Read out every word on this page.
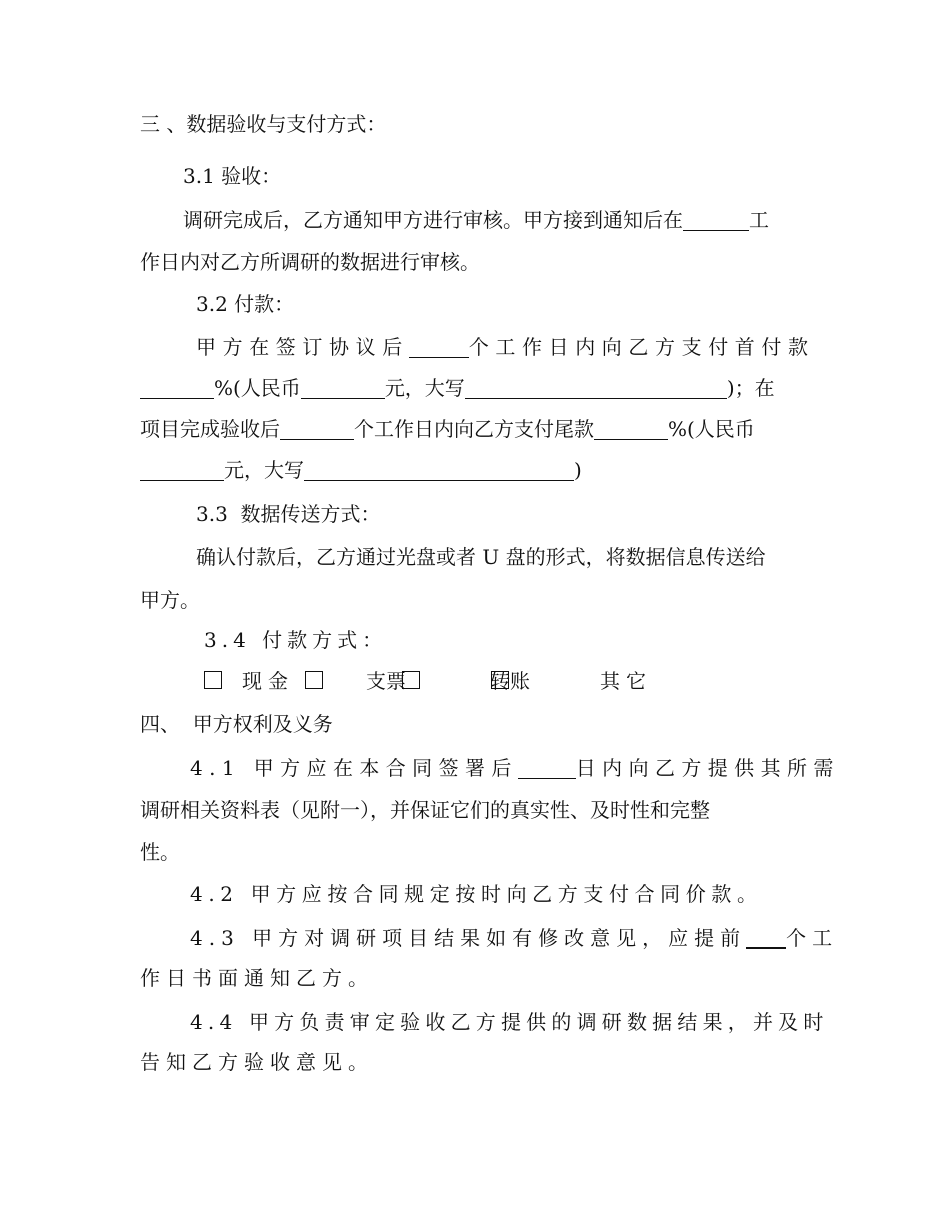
三 、数据验收与支付方式：
3.1 验收：
调研完成后，乙方通知甲方进行审核。甲方接到通知后在	工
作日内对乙方所调研的数据进行审核。
3.2 付款：
甲方在签订协议后	个工作日内向乙方支付首付款
%(人民币	元，大写	)；在
项目完成验收后	个工作日内向乙方支付尾款	%(人民币
元，大写	)
3.3  数据传送方式：
确认付款后，乙方通过光盘或者 U 盘的形式，将数据信息传送给
甲方。
3.4 付款方式：
现金	支票	转账	其它
四、  甲方权利及义务
4.1 甲方应在本合同签署后	日内向乙方提供其所需
调研相关资料表（见附一），并保证它们的真实性、及时性和完整
性。
4.2 甲方应按合同规定按时向乙方支付合同价款。
4.3 甲方对调研项目结果如有修改意见，应提前 个工
作日书面通知乙方。
4.4 甲方负责审定验收乙方提供的调研数据结果，并及时
告知乙方验收意见。
